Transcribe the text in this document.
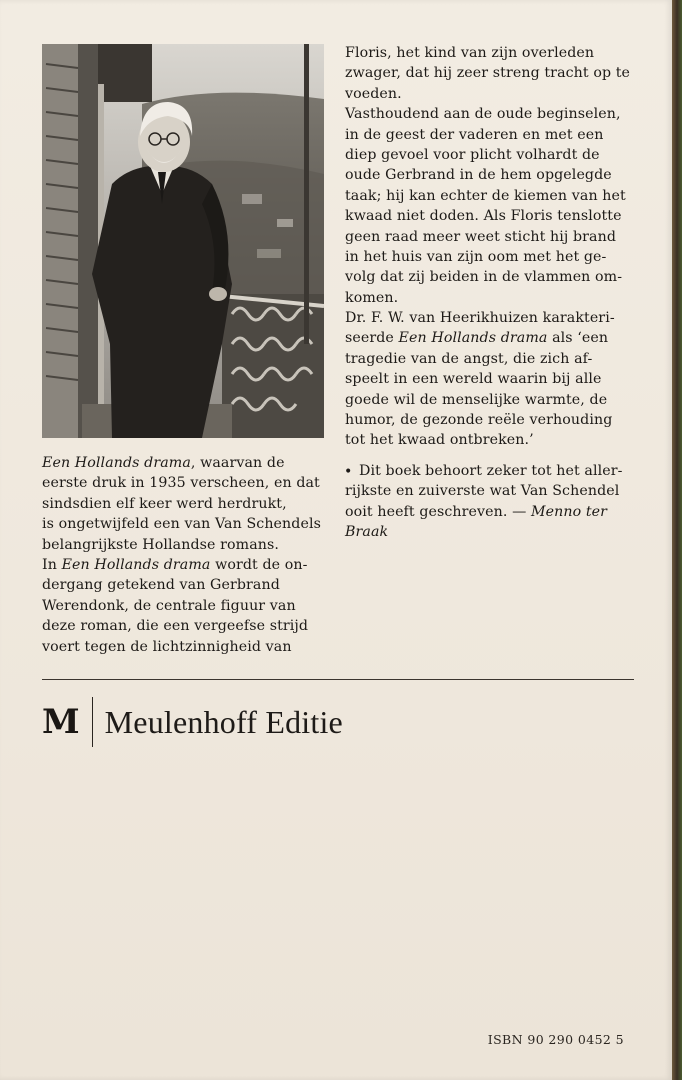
Een Hollands drama, waarvan de
eerste druk in 1935 verscheen, en dat
sindsdien elf keer werd herdrukt,
is ongetwijfeld een van Van Schendels
belangrijkste Hollandse romans.
In Een Hollands drama wordt de on-
dergang getekend van Gerbrand
Werendonk, de centrale figuur van
deze roman, die een vergeefse strijd
voert tegen de lichtzinnigheid van
Floris, het kind van zijn overleden
zwager, dat hij zeer streng tracht op te
voeden.
Vasthoudend aan de oude beginselen,
in de geest der vaderen en met een
diep gevoel voor plicht volhardt de
oude Gerbrand in de hem opgelegde
taak; hij kan echter de kiemen van het
kwaad niet doden. Als Floris tenslotte
geen raad meer weet sticht hij brand
in het huis van zijn oom met het ge-
volg dat zij beiden in de vlammen om-
komen.
Dr. F. W. van Heerikhuizen karakteri-
seerde Een Hollands drama als ‘een
tragedie van de angst, die zich af-
speelt in een wereld waarin bij alle
goede wil de menselijke warmte, de
humor, de gezonde reële verhouding
tot het kwaad ontbreken.’
• Dit boek behoort zeker tot het aller-
rijkste en zuiverste wat Van Schendel
ooit heeft geschreven. — Menno ter
Braak
M Meulenhoff Editie
ISBN 90 290 0452 5
